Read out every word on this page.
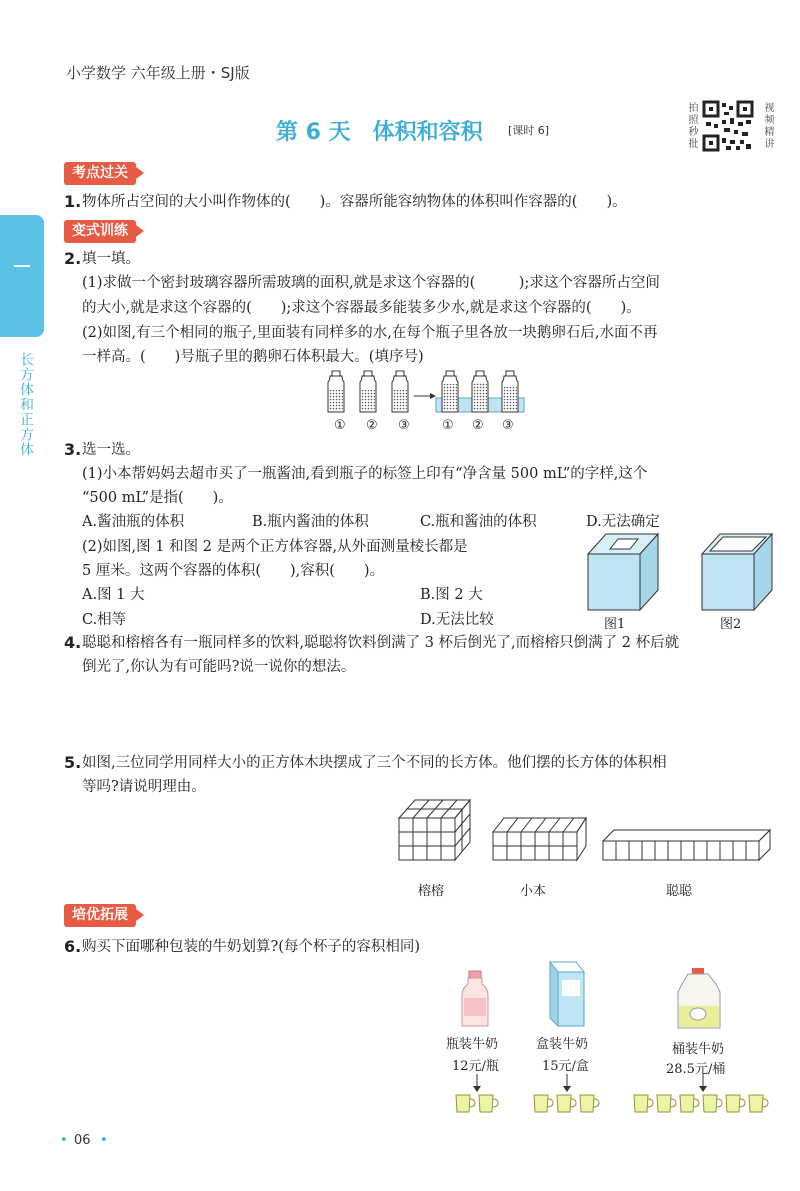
小学数学 六年级上册・SJ版
第 6 天　体积和容积 [课时 6]	拍照秒批	视频精讲
长方体和正方体
考点过关
1. 物体所占空间的大小叫作物体的(　　)。容器所能容纳物体的体积叫作容器的(　　)。
变式训练
2. 填一填。
(1)求做一个密封玻璃容器所需玻璃的面积,就是求这个容器的(　　　);求这个容器所占空间
的大小,就是求这个容器的(　　);求这个容器最多能装多少水,就是求这个容器的(　　)。
(2)如图,有三个相同的瓶子,里面装有同样多的水,在每个瓶子里各放一块鹅卵石后,水面不再
一样高。(　　)号瓶子里的鹅卵石体积最大。(填序号)
① ② ③ ① ② ③
3. 选一选。
(1)小本帮妈妈去超市买了一瓶酱油,看到瓶子的标签上印有“净含量 500 mL”的字样,这个
“500 mL”是指(　　)。
A.酱油瓶的体积	B.瓶内酱油的体积	C.瓶和酱油的体积	D.无法确定
(2)如图,图 1 和图 2 是两个正方体容器,从外面测量棱长都是
5 厘米。这两个容器的体积(　　),容积(　　)。
A.图 1 大	B.图 2 大
C.相等	D.无法比较	图1	图2
4. 聪聪和榕榕各有一瓶同样多的饮料,聪聪将饮料倒满了 3 杯后倒光了,而榕榕只倒满了 2 杯后就
倒光了,你认为有可能吗?说一说你的想法。
5. 如图,三位同学用同样大小的正方体木块摆成了三个不同的长方体。他们摆的长方体的体积相
等吗?请说明理由。
榕榕	小本	聪聪
培优拓展
6. 购买下面哪种包装的牛奶划算?(每个杯子的容积相同)
瓶装牛奶
12元/瓶
盒装牛奶
15元/盒
桶装牛奶
28.5元/桶
• 06 •
